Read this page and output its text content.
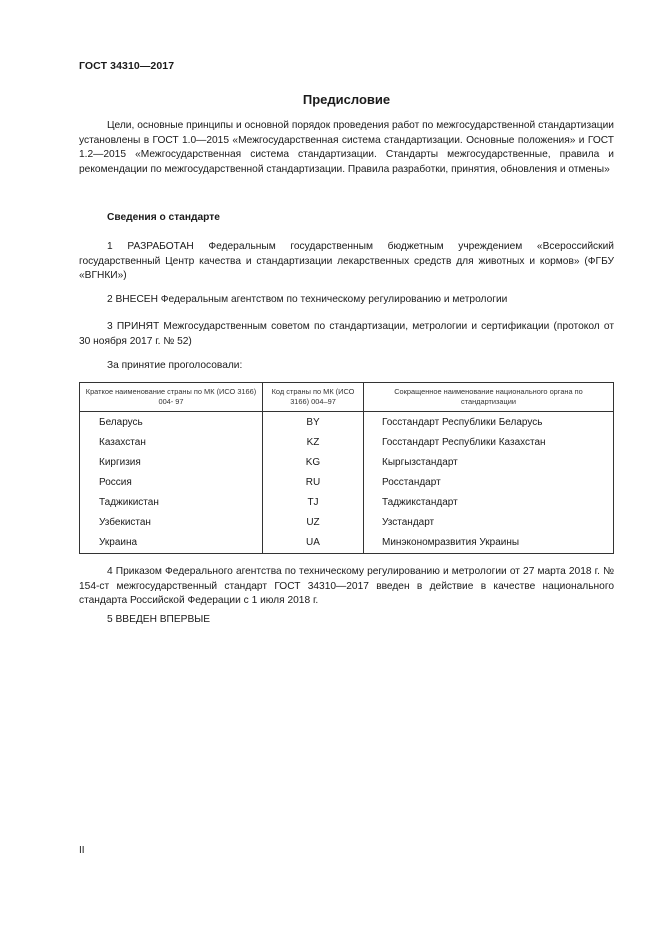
ГОСТ 34310—2017
Предисловие
Цели, основные принципы и основной порядок проведения работ по межгосударственной стандартизации установлены в ГОСТ 1.0—2015 «Межгосударственная система стандартизации. Основные положения» и ГОСТ 1.2—2015 «Межгосударственная система стандартизации. Стандарты межгосударственные, правила и рекомендации по межгосударственной стандартизации. Правила разработки, принятия, обновления и отмены»
Сведения о стандарте
1 РАЗРАБОТАН Федеральным государственным бюджетным учреждением «Всероссийский государственный Центр качества и стандартизации лекарственных средств для животных и кормов» (ФГБУ «ВГНКИ»)
2 ВНЕСЕН Федеральным агентством по техническому регулированию и метрологии
3 ПРИНЯТ Межгосударственным советом по стандартизации, метрологии и сертификации (протокол от 30 ноября 2017 г. № 52)
За принятие проголосовали:
Краткое наименование страны по МК (ИСО 3166) 004- 97	Код страны по МК (ИСО 3166) 004–97	Сокращенное наименование национального органа по стандартизации
Беларусь	BY	Госстандарт Республики Беларусь
Казахстан	KZ	Госстандарт Республики Казахстан
Киргизия	KG	Кыргызстандарт
Россия	RU	Росстандарт
Таджикистан	TJ	Таджикстандарт
Узбекистан	UZ	Узстандарт
Украина	UA	Минэкономразвития Украины
4 Приказом Федерального агентства по техническому регулированию и метрологии от 27 марта 2018 г. № 154-ст межгосударственный стандарт ГОСТ 34310—2017 введен в действие в качестве национального стандарта Российской Федерации с 1 июля 2018 г.
5 ВВЕДЕН ВПЕРВЫЕ
II
